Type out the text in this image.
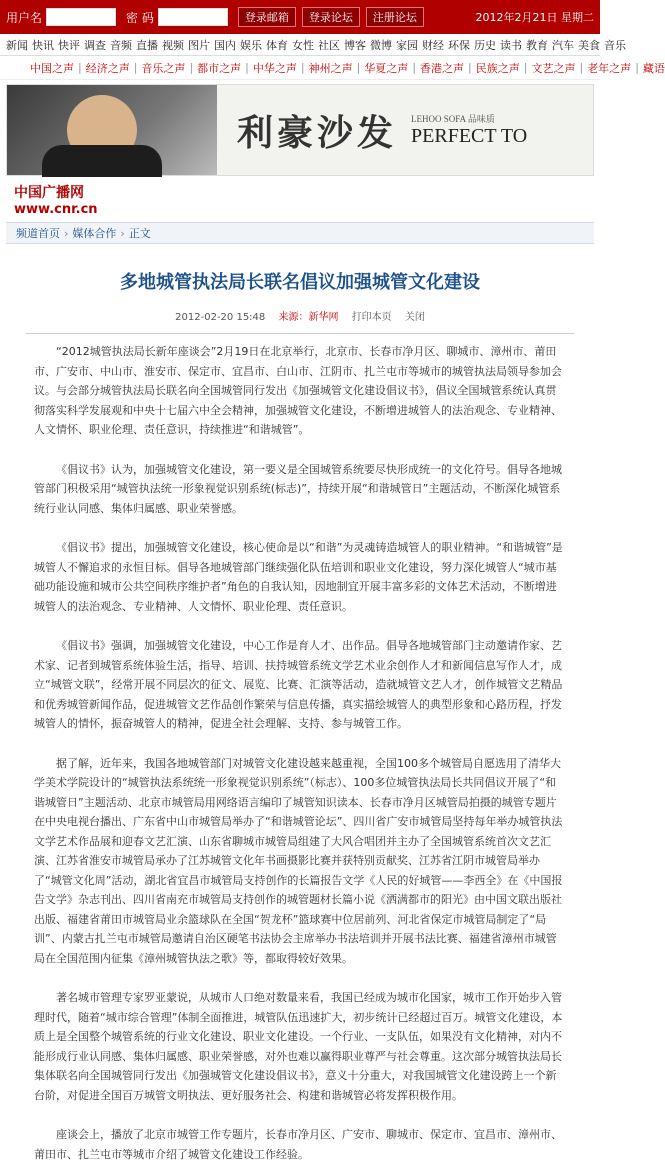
用户名	密 码	登录邮箱	登录论坛	注册论坛	2012年2月21日 星期二
新闻 快讯 快评 调查 音频 直播 视频 图片 国内 娱乐 体育 女性 社区 博客 微博 家园 财经 环保 历史 读书 教育 汽车 美食 音乐
中国之声 | 经济之声 | 音乐之声 | 都市之声 | 中华之声 | 神州之声 | 华夏之声 | 香港之声 | 民族之声 | 文艺之声 | 老年之声 | 藏语
利豪沙发 LEHOO SOFA 品味质
PERFECT TO
中国广播网
www.cnr.cn
频道首页 › 媒体合作 › 正文
多地城管执法局长联名倡议加强城管文化建设
2012-02-20 15:48 来源：新华网 打印本页 关闭

“2012城管执法局长新年座谈会”2月19日在北京举行，北京市、长春市净月区、聊城市、漳州市、莆田市、广安市、中山市、淮安市、保定市、宜昌市、白山市、江阴市、扎兰屯市等城市的城管执法局领导参加会议。与会部分城管执法局长联名向全国城管同行发出《加强城管文化建设倡议书》，倡议全国城管系统认真贯彻落实科学发展观和中央十七届六中全会精神，加强城管文化建设，不断增进城管人的法治观念、专业精神、人文情怀、职业伦理、责任意识，持续推进“和谐城管”。

《倡议书》认为，加强城管文化建设，第一要义是全国城管系统要尽快形成统一的文化符号。倡导各地城管部门积极采用“城管执法统一形象视觉识别系统(标志)”，持续开展“和谐城管日”主题活动，不断深化城管系统行业认同感、集体归属感、职业荣誉感。

《倡议书》提出，加强城管文化建设，核心使命是以“和谐”为灵魂铸造城管人的职业精神。“和谐城管”是城管人不懈追求的永恒目标。倡导各地城管部门继续强化队伍培训和职业文化建设，努力深化城管人“城市基础功能设施和城市公共空间秩序维护者”角色的自我认知，因地制宜开展丰富多彩的文体艺术活动，不断增进城管人的法治观念、专业精神、人文情怀、职业伦理、责任意识。

《倡议书》强调，加强城管文化建设，中心工作是育人才、出作品。倡导各地城管部门主动邀请作家、艺术家、记者到城管系统体验生活，指导、培训、扶持城管系统文学艺术业余创作人才和新闻信息写作人才，成立“城管文联”，经常开展不同层次的征文、展览、比赛、汇演等活动，造就城管文艺人才，创作城管文艺精品和优秀城管新闻作品，促进城管文艺作品创作繁荣与信息传播，真实描绘城管人的典型形象和心路历程，抒发城管人的情怀，振奋城管人的精神，促进全社会理解、支持、参与城管工作。

据了解，近年来，我国各地城管部门对城管文化建设越来越重视，全国100多个城管局自愿选用了清华大学美术学院设计的“城管执法系统统一形象视觉识别系统”（标志）、100多位城管执法局长共同倡议开展了“和谐城管日”主题活动、北京市城管局用网络语言编印了城管知识读本、长春市净月区城管局拍摄的城管专题片在中央电视台播出、广东省中山市城管局举办了“和谐城管论坛”、四川省广安市城管局坚持每年举办城管执法文学艺术作品展和迎春文艺汇演、山东省聊城市城管局组建了大风合唱团并主办了全国城管系统首次文艺汇演、江苏省淮安市城管局承办了江苏城管文化年书画摄影比赛并获特别贡献奖、江苏省江阴市城管局举办了“城管文化周”活动，湖北省宜昌市城管局支持创作的长篇报告文学《人民的好城管——李西全》在《中国报告文学》杂志刊出、四川省南充市城管局支持创作的城管题材长篇小说《洒满都市的阳光》由中国文联出版社出版、福建省莆田市城管局业余篮球队在全国“贺龙杯”篮球赛中位居前列、河北省保定市城管局制定了“局训”、内蒙古扎兰屯市城管局邀请自治区硬笔书法协会主席举办书法培训并开展书法比赛、福建省漳州市城管局在全国范围内征集《漳州城管执法之歌》等，都取得较好效果。

著名城市管理专家罗亚蒙说，从城市人口绝对数量来看，我国已经成为城市化国家，城市工作开始步入管理时代，随着“城市综合管理”体制全面推进，城管队伍迅速扩大，初步统计已经超过百万。城管文化建设，本质上是全国整个城管系统的行业文化建设、职业文化建设。一个行业、一支队伍，如果没有文化精神，对内不能形成行业认同感、集体归属感、职业荣誉感，对外也难以赢得职业尊严与社会尊重。这次部分城管执法局长集体联名向全国城管同行发出《加强城管文化建设倡议书》，意义十分重大，对我国城管文化建设跨上一个新台阶，对促进全国百万城管文明执法、更好服务社会、构建和谐城管必将发挥积极作用。

座谈会上，播放了北京市城管工作专题片，长春市净月区、广安市、聊城市、保定市、宜昌市、漳州市、莆田市、扎兰屯市等城市介绍了城管文化建设工作经验。
